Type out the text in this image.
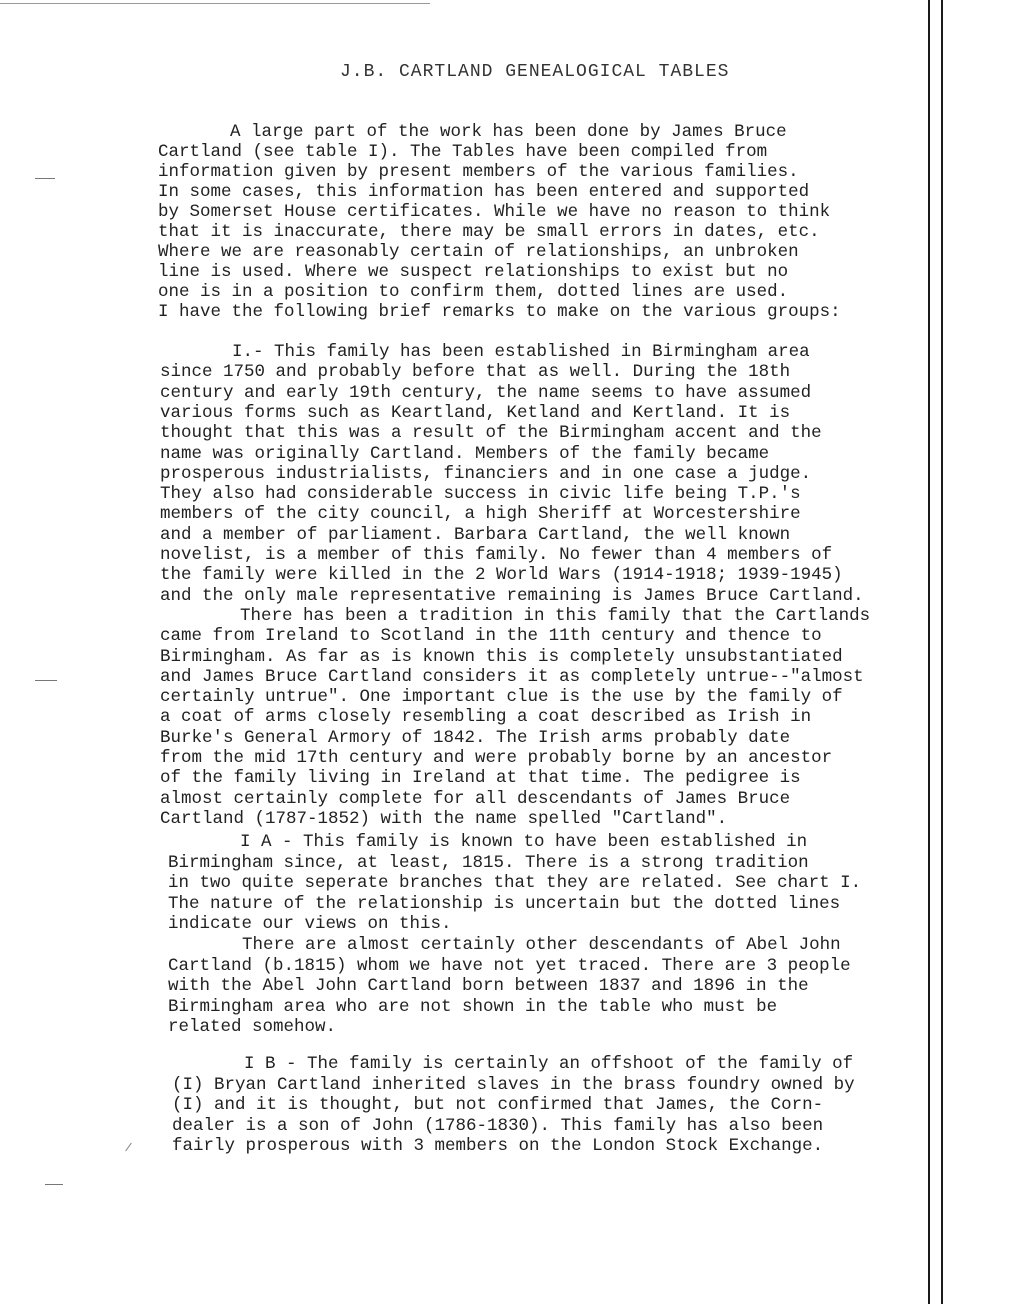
J.B. CARTLAND GENEALOGICAL TABLES
A large part of the work has been done by James Bruce
Cartland (see table I). The Tables have been compiled from
information given by present members of the various families.
In some cases, this information has been entered and supported
by Somerset House certificates. While we have no reason to think
that it is inaccurate, there may be small errors in dates, etc.
Where we are reasonably certain of relationships, an unbroken
line is used. Where we suspect relationships to exist but no
one is in a position to confirm them, dotted lines are used.
I have the following brief remarks to make on the various groups:
I.- This family has been established in Birmingham area
since 1750 and probably before that as well. During the 18th
century and early 19th century, the name seems to have assumed
various forms such as Keartland, Ketland and Kertland. It is
thought that this was a result of the Birmingham accent and the
name was originally Cartland. Members of the family became
prosperous industrialists, financiers and in one case a judge.
They also had considerable success in civic life being T.P.'s
members of the city council, a high Sheriff at Worcestershire
and a member of parliament. Barbara Cartland, the well known
novelist, is a member of this family. No fewer than 4 members of
the family were killed in the 2 World Wars (1914-1918; 1939-1945)
and the only male representative remaining is James Bruce Cartland.
There has been a tradition in this family that the Cartlands
came from Ireland to Scotland in the 11th century and thence to
Birmingham. As far as is known this is completely unsubstantiated
and James Bruce Cartland considers it as completely untrue--"almost
certainly untrue". One important clue is the use by the family of
a coat of arms closely resembling a coat described as Irish in
Burke's General Armory of 1842. The Irish arms probably date
from the mid 17th century and were probably borne by an ancestor
of the family living in Ireland at that time. The pedigree is
almost certainly complete for all descendants of James Bruce
Cartland (1787-1852) with the name spelled "Cartland".
I A - This family is known to have been established in
Birmingham since, at least, 1815. There is a strong tradition
in two quite seperate branches that they are related. See chart I.
The nature of the relationship is uncertain but the dotted lines
indicate our views on this.
There are almost certainly other descendants of Abel John
Cartland (b.1815) whom we have not yet traced. There are 3 people
with the Abel John Cartland born between 1837 and 1896 in the
Birmingham area who are not shown in the table who must be
related somehow.
I B - The family is certainly an offshoot of the family of
(I) Bryan Cartland inherited slaves in the brass foundry owned by
(I) and it is thought, but not confirmed that James, the Corn-
dealer is a son of John (1786-1830). This family has also been
fairly prosperous with 3 members on the London Stock Exchange.
